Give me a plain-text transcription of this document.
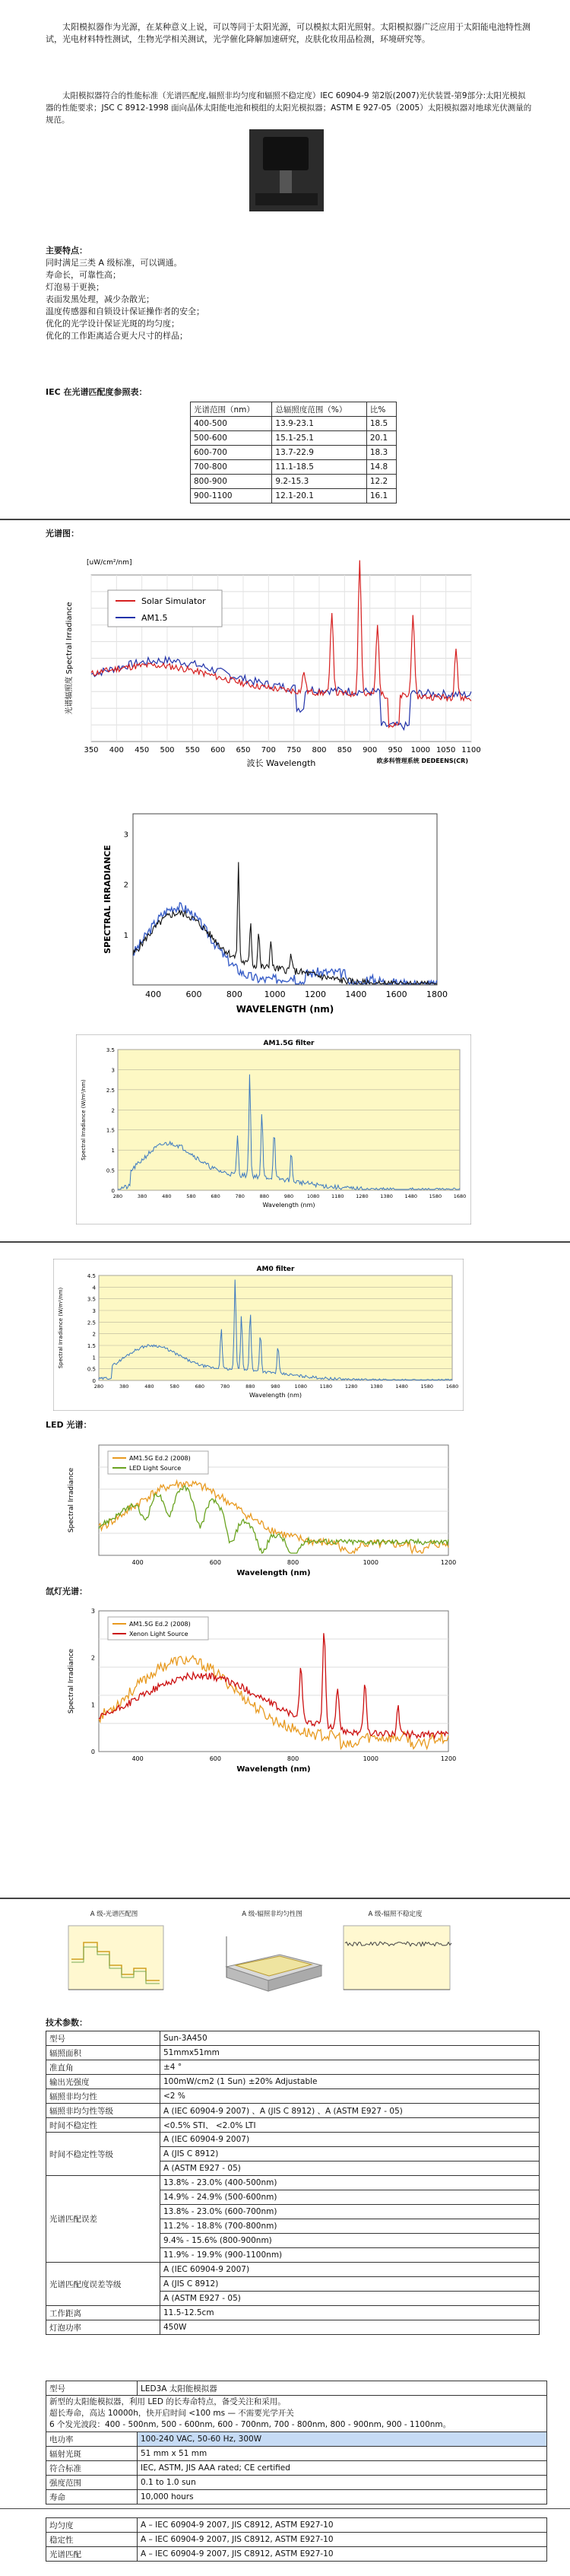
太阳模拟器作为光源，在某种意义上说，可以等同于太阳光源，可以模拟太阳光照射。太阳模拟器广泛应用于太阳能电池特性测试，光电材料特性测试，生物光学相关测试，光学催化降解加速研究，皮肤化妆用品检测，环境研究等。
太阳模拟器符合的性能标准（光谱匹配度,辐照非均匀度和辐照不稳定度）IEC 60904-9 第2版(2007)光伏装置-第9部分:太阳光模拟器的性能要求；JSC C 8912-1998 面向晶体太阳能电池和模组的太阳光模拟器；ASTM E 927-05（2005）太阳模拟器对地球光伏测量的规范。
主要特点：
同时满足三类 A 级标准，可以调通。
寿命长，可靠性高；
灯泡易于更换；
表面发黑处理，减少杂散光；
温度传感器和自锁设计保证操作者的安全；
优化的光学设计保证光斑的均匀度；
优化的工作距离适合更大尺寸的样品；
IEC 在光谱匹配度参照表：
光谱范围（nm）	总辐照度范围（%）	比%
400-500	13.9-23.1	18.5
500-600	15.1-25.1	20.1
600-700	13.7-22.9	18.3
700-800	11.1-18.5	14.8
800-900	9.2-15.3	12.2
900-1100	12.1-20.1	16.1
光谱图：
350 400 450 500 550 600 650 700 750 800 850 900 950 1000 1050 1100
[uW/cm²/nm]
光谱辐照度 Spectral Irradiance
波长 Wavelength	欧多科管理系统 DEDEENS(CR)
Solar Simulator
AM1.5
1
2
3
400	600	800	1000 1200 1400 1600 1800
WAVELENGTH (nm)
SPECTRAL IRRADIANCE
0
0.5
1
1.5
2
2.5
3
3.5
280	380	480	580	680	780	880	980	1080 1180 1280 1380 1480 1580 1680
AM1.5G filter
Wavelength (nm)
Spectral Irradiance (W/m²/nm)
0
0.5
1
1.5
2
2.5
3
3.5
4
4.5
280	380	480	580	680	780	880	980	1080	1180	1280	1380	1480	1580	1680
AM0 filter
Wavelength (nm)
Spectral Irradiance (W/m²/nm)
LED 光谱：
400	600	800	1000	1200
Wavelength (nm)
Spectral Irradiance
AM1.5G Ed.2 (2008)
LED Light Source
氙灯光谱：
400	600	800	1000	1200
0
1
2
3
Wavelength (nm)
Spectral Irradiance
AM1.5G Ed.2 (2008)
Xenon Light Source
A 级-光谱匹配图	A 级-辐照非均匀性图	A 级-辐照不稳定度
技术参数：
型号	Sun-3A450
辐照面积	51mmx51mm
准直角	±4 °
输出光强度	100mW/cm2 (1 Sun) ±20% Adjustable
辐照非均匀性	<2 %
辐照非均匀性等级	A (IEC 60904-9 2007) 、A (JIS C 8912) 、A (ASTM E927 - 05)
时间不稳定性	<0.5% STI、 <2.0% LTI
时间不稳定性等级	A (IEC 60904-9 2007)
	A (JIS C 8912)
	A (ASTM E927 - 05)
光谱匹配误差	13.8% - 23.0% (400-500nm)
	14.9% - 24.9% (500-600nm)
	13.8% - 23.0% (600-700nm)
	11.2% - 18.8% (700-800nm)
	9.4% - 15.6% (800-900nm)
	11.9% - 19.9% (900-1100nm)
光谱匹配度误差等级	A (IEC 60904-9 2007)
	A (JIS C 8912)
	A (ASTM E927 - 05)
工作距离	11.5-12.5cm
灯泡功率	450W
型号	LED3A 太阳能模拟器

新型的太阳能模拟器，利用 LED 的长寿命特点，备受关注和采用。
超长寿命，高达 10000h，快开启时间 <100 ms — 不需要光学开关
6 个发光波段：400 - 500nm, 500 - 600nm, 600 - 700nm, 700 - 800nm, 800 - 900nm, 900 - 1100nm。	

电功率	100-240 VAC, 50-60 Hz, 300W
辐射光斑	51 mm x 51 mm
符合标准	IEC, ASTM, JIS AAA rated; CE certified
强度范围	0.1 to 1.0 sun
寿命	10,000 hours
均匀度	A – IEC 60904-9 2007, JIS C8912, ASTM E927-10
稳定性	A – IEC 60904-9 2007, JIS C8912, ASTM E927-10
光谱匹配	A – IEC 60904-9 2007, JIS C8912, ASTM E927-10
